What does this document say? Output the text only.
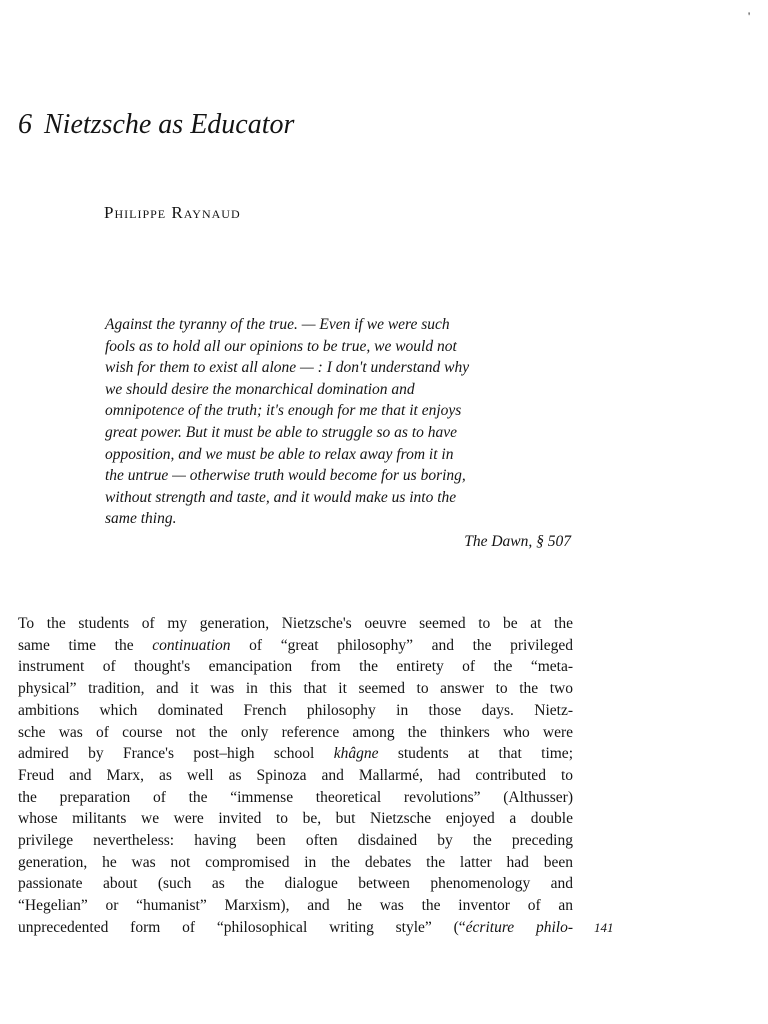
'
6 Nietzsche as Educator
Philippe Raynaud
Against the tyranny of the true. — Even if we were such
fools as to hold all our opinions to be true, we would not
wish for them to exist all alone — : I don't understand why
we should desire the monarchical domination and
omnipotence of the truth; it's enough for me that it enjoys
great power. But it must be able to struggle so as to have
opposition, and we must be able to relax away from it in
the untrue — otherwise truth would become for us boring,
without strength and taste, and it would make us into the
same thing.
The Dawn, § 507
To the students of my generation, Nietzsche's oeuvre seemed to be at the
same time the continuation of “great philosophy” and the privileged
instrument of thought's emancipation from the entirety of the “meta-
physical” tradition, and it was in this that it seemed to answer to the two
ambitions which dominated French philosophy in those days. Nietz-
sche was of course not the only reference among the thinkers who were
admired by France's post–high school khâgne students at that time;
Freud and Marx, as well as Spinoza and Mallarmé, had contributed to
the preparation of the “immense theoretical revolutions” (Althusser)
whose militants we were invited to be, but Nietzsche enjoyed a double
privilege nevertheless: having been often disdained by the preceding
generation, he was not compromised in the debates the latter had been
passionate about (such as the dialogue between phenomenology and
“Hegelian” or “humanist” Marxism), and he was the inventor of an
unprecedented form of “philosophical writing style” (“écriture philo- 141
